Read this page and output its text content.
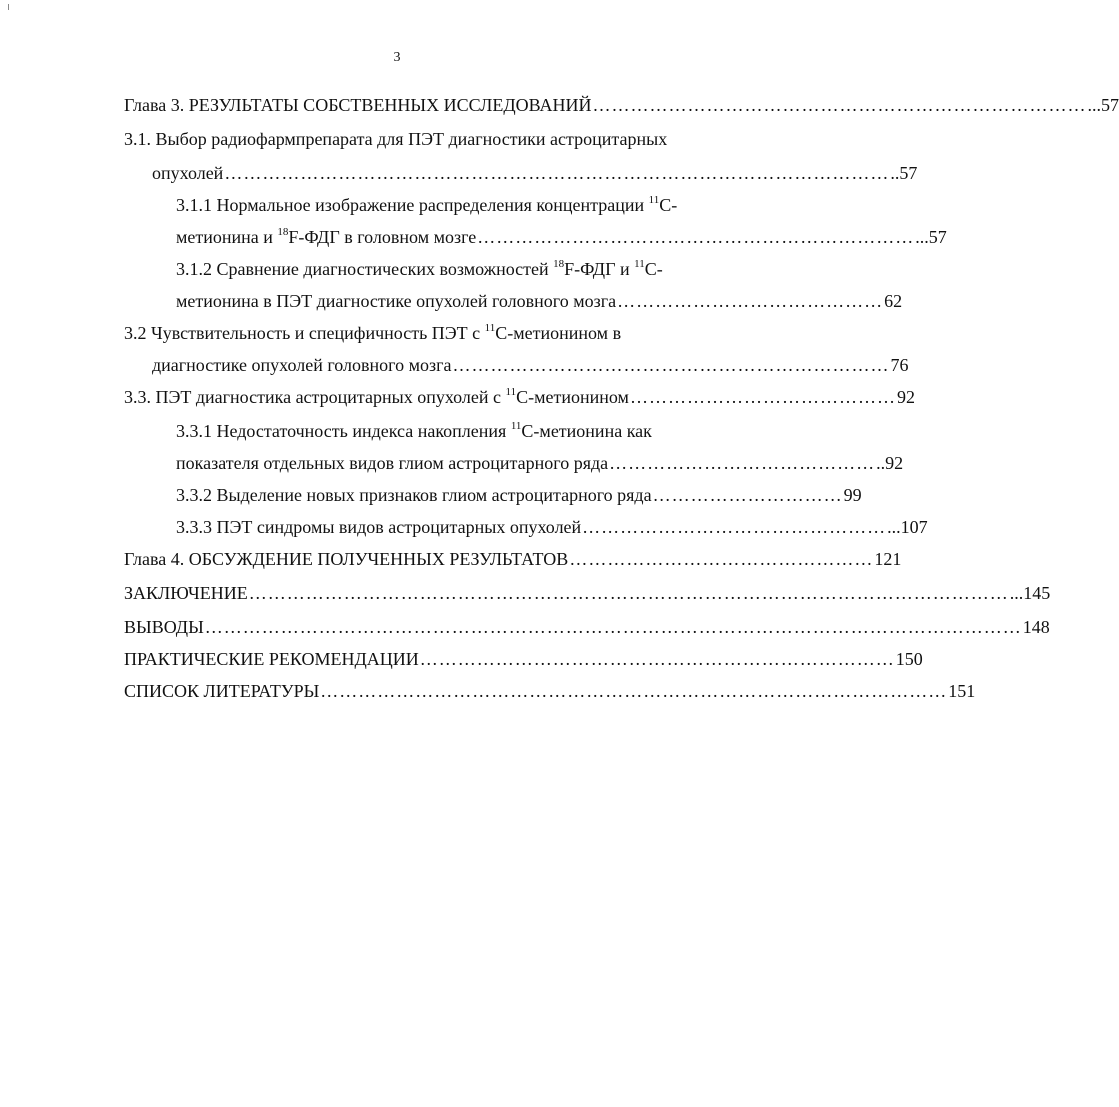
3
Глава 3. РЕЗУЛЬТАТЫ СОБСТВЕННЫХ ИССЛЕДОВАНИЙ …………………………………………………………………… ...57
3.1. Выбор радиофармпрепарата для ПЭТ диагностики астроцитарных
опухолей …………………………………………………………………………………………… ..57
3.1.1 Нормальное изображение распределения концентрации $^{11}$С-
метионина и $^{18}$F-ФДГ в головном мозге …………………………………………………………… ...57
3.1.2 Сравнение диагностических возможностей $^{18}$F-ФДГ и $^{11}$С-
метионина в ПЭТ диагностике опухолей головного мозга …………………………………… 62
3.2 Чувствительность и специфичность ПЭТ с $^{11}$С-метионином в
диагностике опухолей головного мозга …………………………………………………………… 76
3.3. ПЭТ диагностика астроцитарных опухолей с $^{11}$С-метионином …………………………………… 92
3.3.1 Недостаточность индекса накопления $^{11}$С-метионина как
показателя отдельных видов глиом астроцитарного ряда …………………………………… ..92
3.3.2 Выделение новых признаков глиом астроцитарного ряда ………………………… 99
3.3.3 ПЭТ синдромы видов астроцитарных опухолей ………………………………………… ...107
Глава 4. ОБСУЖДЕНИЕ ПОЛУЧЕННЫХ РЕЗУЛЬТАТОВ ………………………………………… 121
ЗАКЛЮЧЕНИЕ ………………………………………………………………………………………………………… ...145
ВЫВОДЫ ………………………………………………………………………………………………………………… 148
ПРАКТИЧЕСКИЕ РЕКОМЕНДАЦИИ ………………………………………………………………… 150
СПИСОК ЛИТЕРАТУРЫ ……………………………………………………………………………………… 151
